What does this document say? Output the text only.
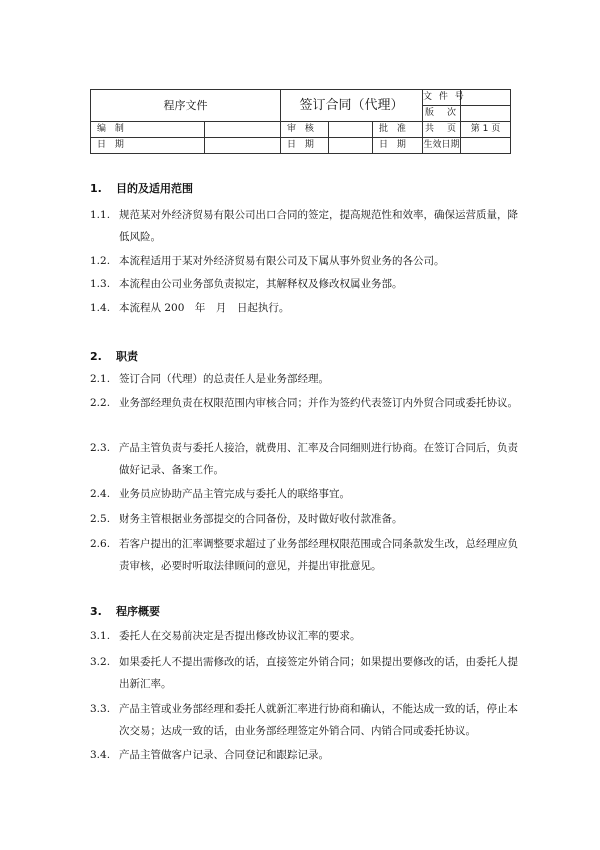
程序文件		签订合同（代理）			文 件 号	
					版　次	
编 制		审 核		批 准	共　页	第 1 页
日 期		日 期		日 期	生效日期	
1. 目的及适用范围
1.1. 规范某对外经济贸易有限公司出口合同的签定，提高规范性和效率，确保运营质量，降低风险。
1.2. 本流程适用于某对外经济贸易有限公司及下属从事外贸业务的各公司。
1.3. 本流程由公司业务部负责拟定，其解释权及修改权属业务部。
1.4. 本流程从 200　年　月　日起执行。
2. 职责
2.1. 签订合同（代理）的总责任人是业务部经理。
2.2. 业务部经理负责在权限范围内审核合同；并作为签约代表签订内外贸合同或委托协议。
2.3. 产品主管负责与委托人接洽，就费用、汇率及合同细则进行协商。在签订合同后，负责做好记录、备案工作。
2.4. 业务员应协助产品主管完成与委托人的联络事宜。
2.5. 财务主管根据业务部提交的合同备份，及时做好收付款准备。
2.6. 若客户提出的汇率调整要求超过了业务部经理权限范围或合同条款发生改，总经理应负责审核，必要时听取法律顾问的意见，并提出审批意见。
3. 程序概要
3.1. 委托人在交易前决定是否提出修改协议汇率的要求。
3.2. 如果委托人不提出需修改的话，直接签定外销合同；如果提出要修改的话，由委托人提出新汇率。
3.3. 产品主管或业务部经理和委托人就新汇率进行协商和确认，不能达成一致的话，停止本次交易；达成一致的话，由业务部经理签定外销合同、内销合同或委托协议。
3.4. 产品主管做客户记录、合同登记和跟踪记录。
